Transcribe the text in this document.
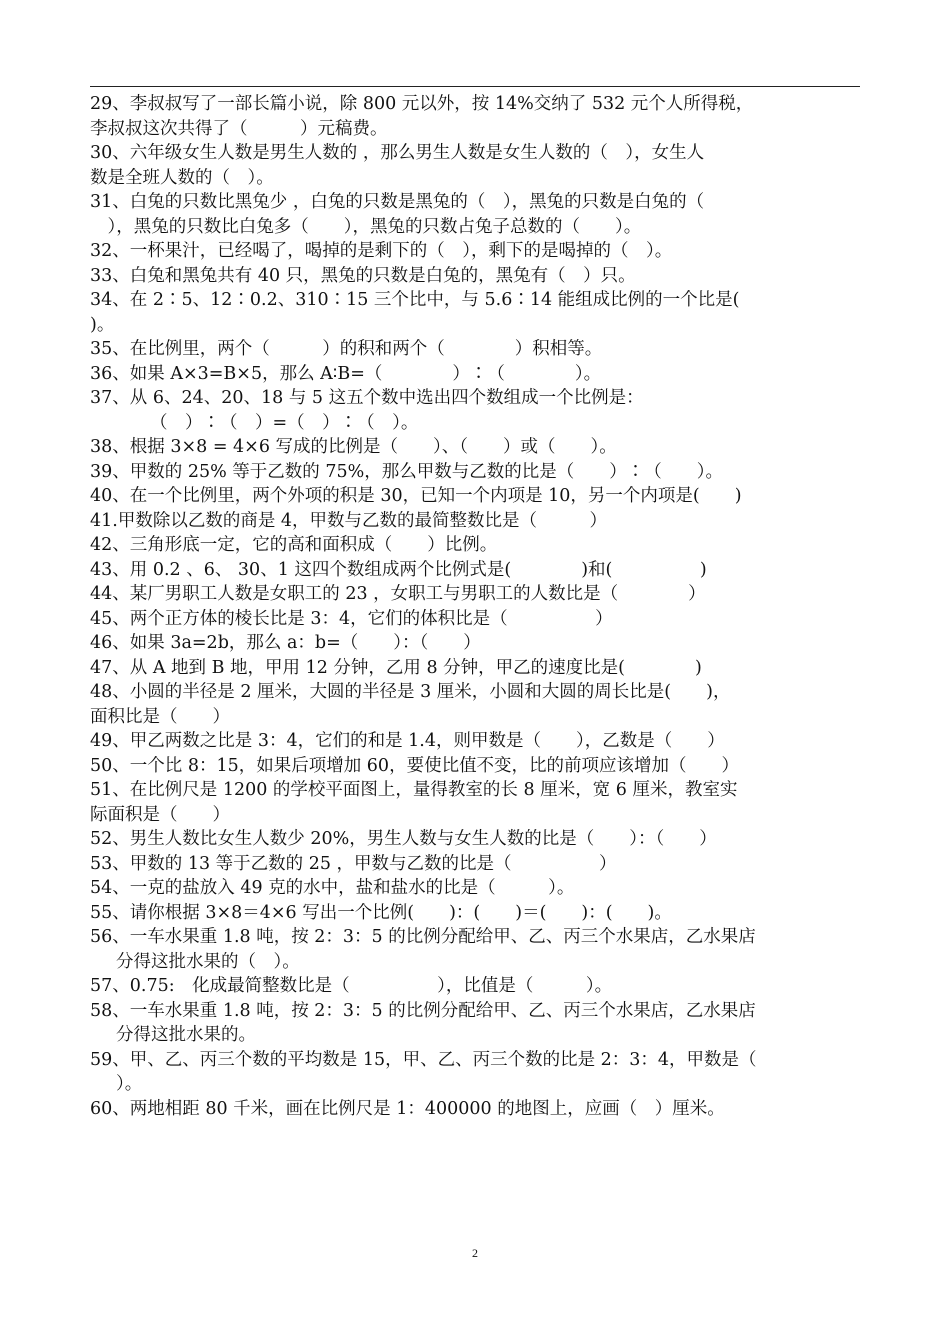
29、李叔叔写了一部长篇小说，除 800 元以外，按 14%交纳了 532 元个人所得税，
李叔叔这次共得了（　　　）元稿费。

30、六年级女生人数是男生人数的 ，那么男生人数是女生人数的（　），女生人
数是全班人数的（　）。

31、白兔的只数比黑兔少 ，白兔的只数是黑兔的（　），黑兔的只数是白兔的（
　），黑兔的只数比白兔多（　　），黑兔的只数占兔子总数的（　　）。

32、一杯果汁，已经喝了，喝掉的是剩下的（　），剩下的是喝掉的（　）。

33、白兔和黑兔共有 40 只，黑兔的只数是白兔的，黑兔有（　）只。

34、在 2∶5、12∶0.2、310∶15 三个比中，与 5.6∶14 能组成比例的一个比是(
)。

35、在比例里，两个（　　　）的积和两个（　　　　）积相等。

36、如果 A×3=B×5，那么 A∶B=（　　　　）∶（　　　　）。

37、从 6、24、20、18 与 5 这五个数中选出四个数组成一个比例是：
（　）∶（　）=（　）∶（　）。

38、根据 3×8 = 4×6 写成的比例是（　　）、（　　）或（　　）。

39、甲数的 25% 等于乙数的 75%，那么甲数与乙数的比是（　　）∶（　　）。

40、在一个比例里，两个外项的积是 30，已知一个内项是 10，另一个内项是(　　)

41.甲数除以乙数的商是 4，甲数与乙数的最简整数比是（　　　）

42、三角形底一定，它的高和面积成（　　）比例。

43、用 0.2 、6、 30、1 这四个数组成两个比例式是(　　　　)和(　　　　　)

44、某厂男职工人数是女职工的 23 ，女职工与男职工的人数比是（　　　　）

45、两个正方体的棱长比是 3：4，它们的体积比是（　　　　　）

46、如果 3a=2b，那么 a：b=（　　）：（　　）

47、从 A 地到 B 地，甲用 12 分钟，乙用 8 分钟，甲乙的速度比是(　　　　)

48、小圆的半径是 2 厘米，大圆的半径是 3 厘米，小圆和大圆的周长比是(　　)，
面积比是（　　）

49、甲乙两数之比是 3：4，它们的和是 1.4，则甲数是（　　），乙数是（　　）

50、一个比 8：15，如果后项增加 60，要使比值不变，比的前项应该增加（　　）

51、在比例尺是 1200 的学校平面图上，量得教室的长 8 厘米，宽 6 厘米，教室实
际面积是（　　）

52、男生人数比女生人数少 20%，男生人数与女生人数的比是（　　）：（　　）

53、甲数的 13 等于乙数的 25 ，甲数与乙数的比是（　　　　　）

54、一克的盐放入 49 克的水中，盐和盐水的比是（　　　）。

55、请你根据 3×8＝4×6 写出一个比例(　　)：(　　)＝(　　)：(　　)。

56、一车水果重 1.8 吨，按 2：3：5 的比例分配给甲、乙、丙三个水果店，乙水果店
分得这批水果的（　）。

57、0.75:　化成最简整数比是（　　　　　），比值是（　　　）。

58、一车水果重 1.8 吨，按 2：3：5 的比例分配给甲、乙、丙三个水果店，乙水果店
分得这批水果的。

59、甲、乙、丙三个数的平均数是 15，甲、乙、丙三个数的比是 2：3：4，甲数是（
）。

60、两地相距 80 千米，画在比例尺是 1：400000 的地图上，应画（　）厘米。

2
